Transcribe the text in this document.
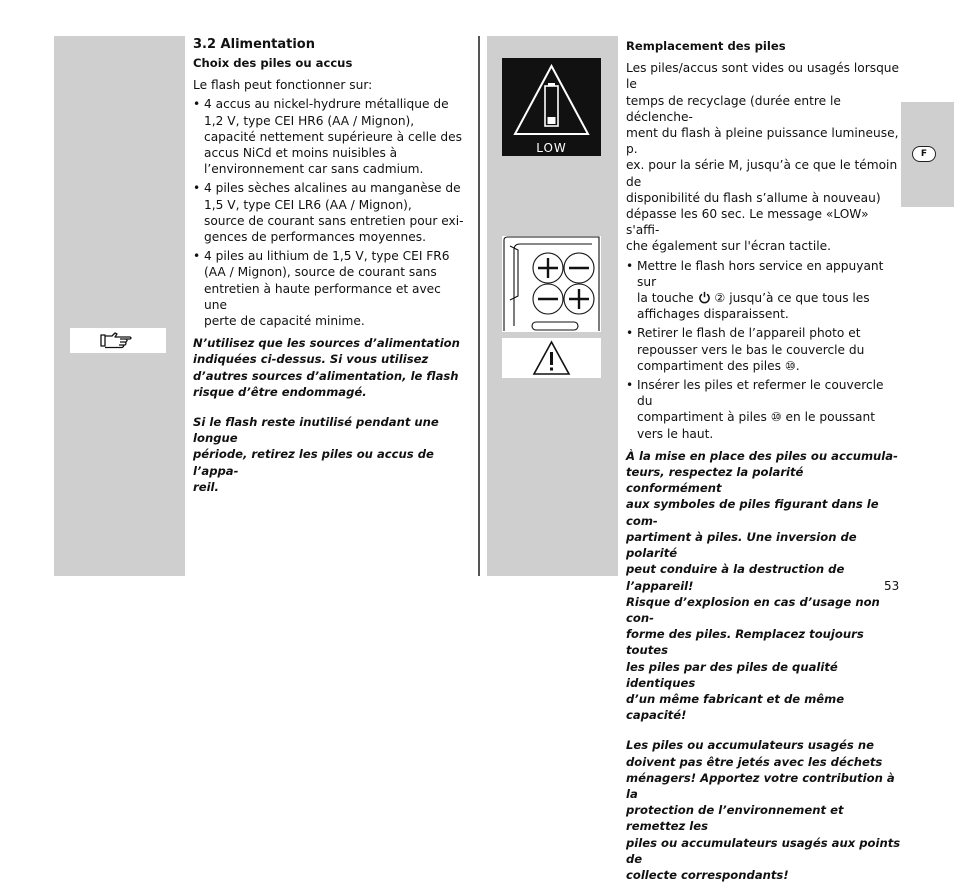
F
LOW

3.2 Alimentation

Choix des piles ou accus

Le flash peut fonctionner sur:

• 4 accus au nickel-hydrure métallique de
1,2 V, type CEI HR6 (AA / Mignon),
capacité nettement supérieure à celle des
accus NiCd et moins nuisibles à
l’environnement car sans cadmium.
• 4 piles sèches alcalines au manganèse de
1,5 V, type CEI LR6 (AA / Mignon),
source de courant sans entretien pour exi-
gences de performances moyennes.
• 4 piles au lithium de 1,5 V, type CEI FR6
(AA / Mignon), source de courant sans
entretien à haute performance et avec une
perte de capacité minime.

N’utilisez que les sources d’alimentation
indiquées ci-dessus. Si vous utilisez
d’autres sources d’alimentation, le flash
risque d’être endommagé.

Si le flash reste inutilisé pendant une longue
période, retirez les piles ou accus de l’appa-
reil.

Remplacement des piles

Les piles/accus sont vides ou usagés lorsque le
temps de recyclage (durée entre le déclenche-
ment du flash à pleine puissance lumineuse, p.
ex. pour la série M, jusqu’à ce que le témoin de
disponibilité du flash s’allume à nouveau)
dépasse les 60 sec. Le message «LOW» s'affi-
che également sur l'écran tactile.

• Mettre le flash hors service en appuyant sur
la touche ② jusqu’à ce que tous les
affichages disparaissent.
• Retirer le flash de l’appareil photo et
repousser vers le bas le couvercle du
compartiment des piles ⑩.
• Insérer les piles et refermer le couvercle du
compartiment à piles ⑩ en le poussant
vers le haut.

À la mise en place des piles ou accumula-
teurs, respectez la polarité conformément
aux symboles de piles figurant dans le com-
partiment à piles. Une inversion de polarité
peut conduire à la destruction de l’appareil!
Risque d’explosion en cas d’usage non con-
forme des piles. Remplacez toujours toutes
les piles par des piles de qualité identiques
d’un même fabricant et de même capacité!

Les piles ou accumulateurs usagés ne
doivent pas être jetés avec les déchets
ménagers! Apportez votre contribution à la
protection de l’environnement et remettez les
piles ou accumulateurs usagés aux points de
collecte correspondants!

53
